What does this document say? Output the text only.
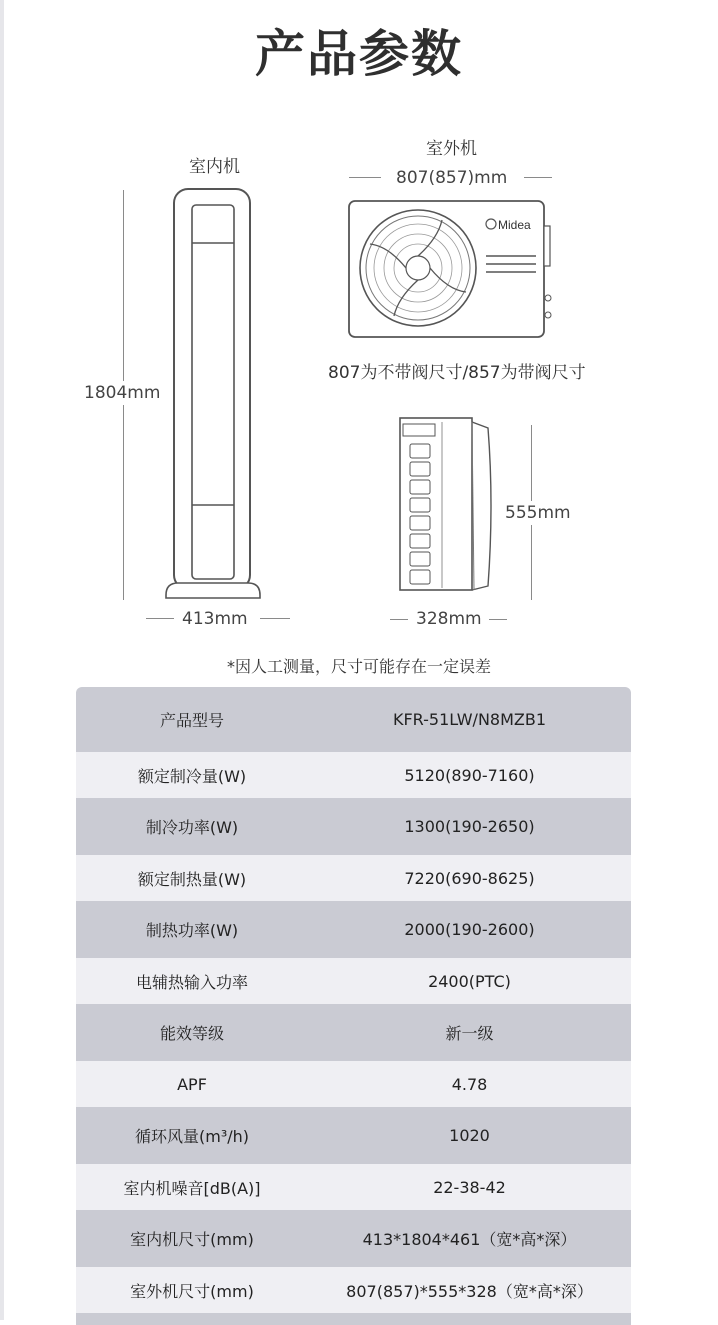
产品参数
室内机
1804mm
413mm
室外机
807(857)mm
Midea
807为不带阀尺寸/857为带阀尺寸
555mm
328mm
*因人工测量，尺寸可能存在一定误差
产品型号	KFR-51LW/N8MZB1
额定制冷量(W)	5120(890-7160)
制冷功率(W)	1300(190-2650)
额定制热量(W)	7220(690-8625)
制热功率(W)	2000(190-2600)
电辅热输入功率	2400(PTC)
能效等级	新一级
APF	4.78
循环风量(m³/h)	1020
室内机噪音[dB(A)]	22-38-42
室内机尺寸(mm)	413*1804*461（宽*高*深）
室外机尺寸(mm)	807(857)*555*328（宽*高*深）
